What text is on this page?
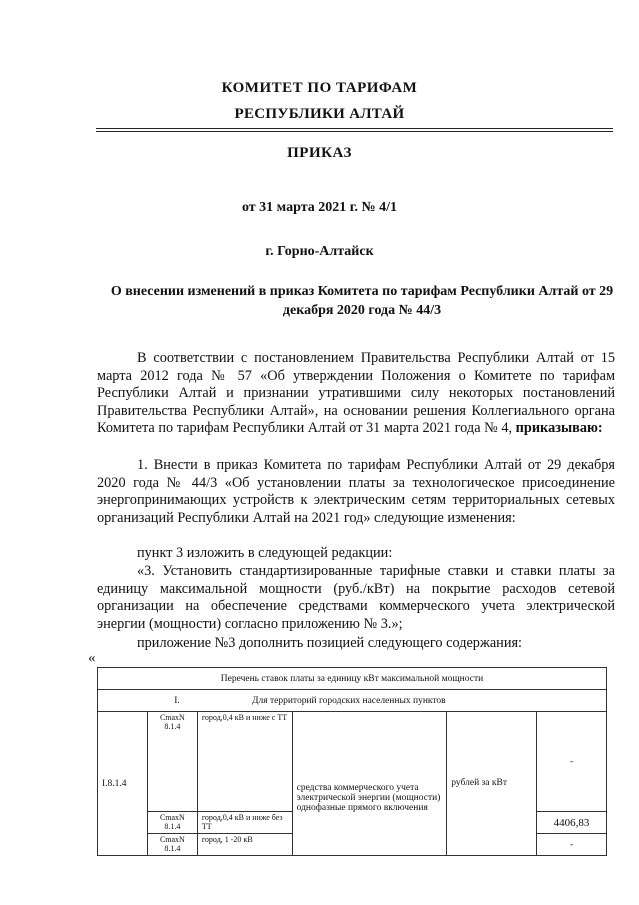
КОМИТЕТ ПО ТАРИФАМ
РЕСПУБЛИКИ АЛТАЙ
ПРИКАЗ
от 31 марта 2021 г. № 4/1
г. Горно-Алтайск
О внесении изменений в приказ Комитета по тарифам Республики Алтай от 29 декабря 2020 года № 44/3
В соответствии с постановлением Правительства Республики Алтай от 15 марта 2012 года № 57 «Об утверждении Положения о Комитете по тарифам Республики Алтай и признании утратившими силу некоторых постановлений Правительства Республики Алтай», на основании решения Коллегиального органа Комитета по тарифам Республики Алтай от 31 марта 2021 года № 4, приказываю:
1. Внести в приказ Комитета по тарифам Республики Алтай от 29 декабря 2020 года № 44/3 «Об установлении платы за технологическое присоединение энергопринимающих устройств к электрическим сетям территориальных сетевых организаций Республики Алтай на 2021 год» следующие изменения:
пункт 3 изложить в следующей редакции:
«3. Установить стандартизированные тарифные ставки и ставки платы за единицу максимальной мощности (руб./кВт) на покрытие расходов сетевой организации на обеспечение средствами коммерческого учета электрической энергии (мощности) согласно приложению № 3.»;
приложение №3 дополнить позицией следующего содержания:
«
Перечень ставок платы за единицу кВт максимальной мощности					
I. Для территорий городских населенных пунктов					
I.8.1.4	CmaxN 8.1.4	город,0,4 кВ и ниже с ТТ	средства коммерческого учета электрической энергии (мощности) однофазные прямого включения	рублей за кВт	-
	CmaxN 8.1.4	город,0,4 кВ и ниже без ТТ			4406,83
	CmaxN 8.1.4	город, 1 -20 кВ			-
